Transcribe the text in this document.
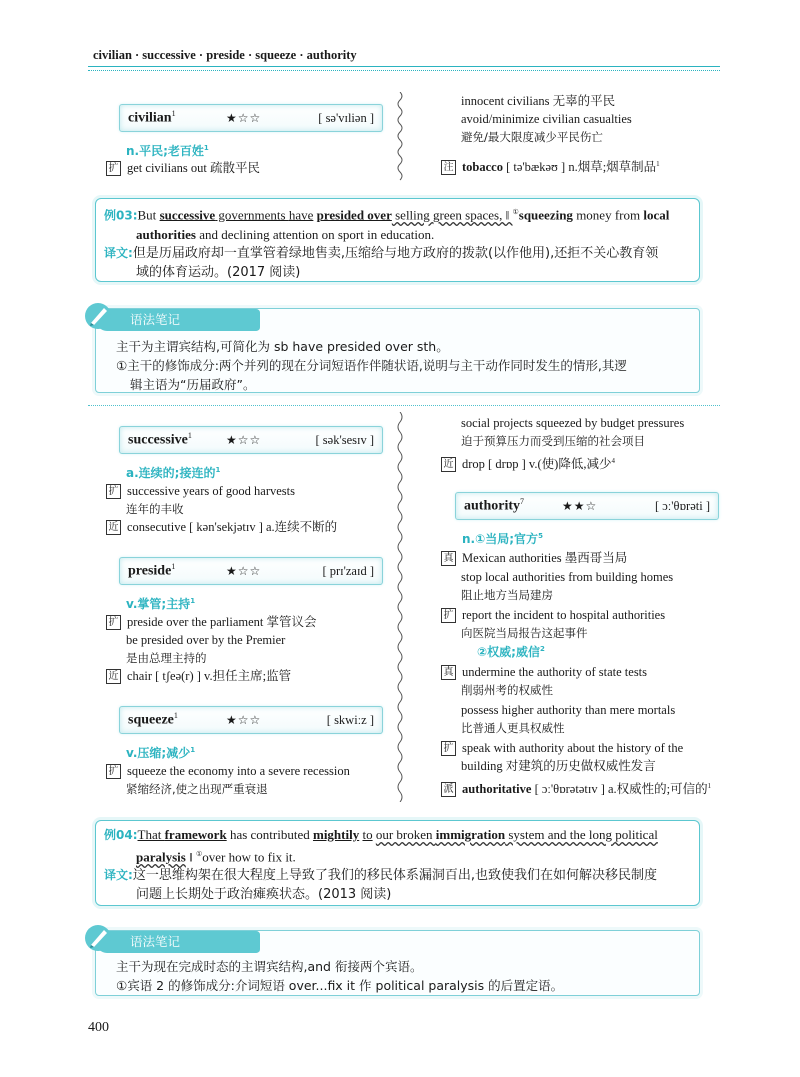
civilian · successive · preside · squeeze · authority
civilian$^1$	★☆☆	[ sə'vɪliən ]
n.平民;老百姓$^1$
扩 get civilians out 疏散平民
innocent civilians 无辜的平民
avoid/minimize civilian casualties
避免/最大限度减少平民伤亡
注 tobacco [ tə'bækəʊ ] n.烟草;烟草制品$^1$
例03:But successive governments have presided over selling green spaces, ‖ ①squeezing money from local
authorities and declining attention on sport in education.
译文:但是历届政府却一直掌管着绿地售卖,压缩给与地方政府的拨款(以作他用),还拒不关心教育领
域的体育运动。(2017 阅读)
语法笔记
主干为主谓宾结构,可简化为 sb have presided over sth。
①主干的修饰成分:两个并列的现在分词短语作伴随状语,说明与主干动作同时发生的情形,其逻
辑主语为“历届政府”。
successive$^1$	★☆☆	[ sək'sesɪv ]
a.连续的;接连的$^1$
扩 successive years of good harvests
连年的丰收
近 consecutive [ kən'sekjətɪv ] a.连续不断的
preside$^1$	★☆☆	[ prɪ'zaɪd ]
v.掌管;主持$^1$
扩 preside over the parliament 掌管议会
be presided over by the Premier
是由总理主持的
近 chair [ tʃeə(r) ] v.担任主席;监管
squeeze$^1$	★☆☆	[ skwiːz ]
v.压缩;减少$^1$
扩 squeeze the economy into a severe recession
紧缩经济,使之出现严重衰退
social projects squeezed by budget pressures
迫于预算压力而受到压缩的社会项目
近 drop [ drɒp ] v.(使)降低,减少$^4$
authority$^7$	★★☆	[ ɔː'θɒrəti ]
n.①当局;官方$^5$
真 Mexican authorities 墨西哥当局
stop local authorities from building homes
阻止地方当局建房
扩 report the incident to hospital authorities
向医院当局报告这起事件
②权威;威信$^2$
真 undermine the authority of state tests
削弱州考的权威性
possess higher authority than mere mortals
比普通人更具权威性
扩 speak with authority about the history of the
building 对建筑的历史做权威性发言
派 authoritative [ ɔː'θɒrətətɪv ] a.权威性的;可信的$^1$
例04:That framework has contributed mightily to our broken immigration system and the long political
paralysis ‖ ①over how to fix it.
译文:这一思维构架在很大程度上导致了我们的移民体系漏洞百出,也致使我们在如何解决移民制度
问题上长期处于政治瘫痪状态。(2013 阅读)
语法笔记
主干为现在完成时态的主谓宾结构,and 衔接两个宾语。
①宾语 2 的修饰成分:介词短语 over...fix it 作 political paralysis 的后置定语。
400
